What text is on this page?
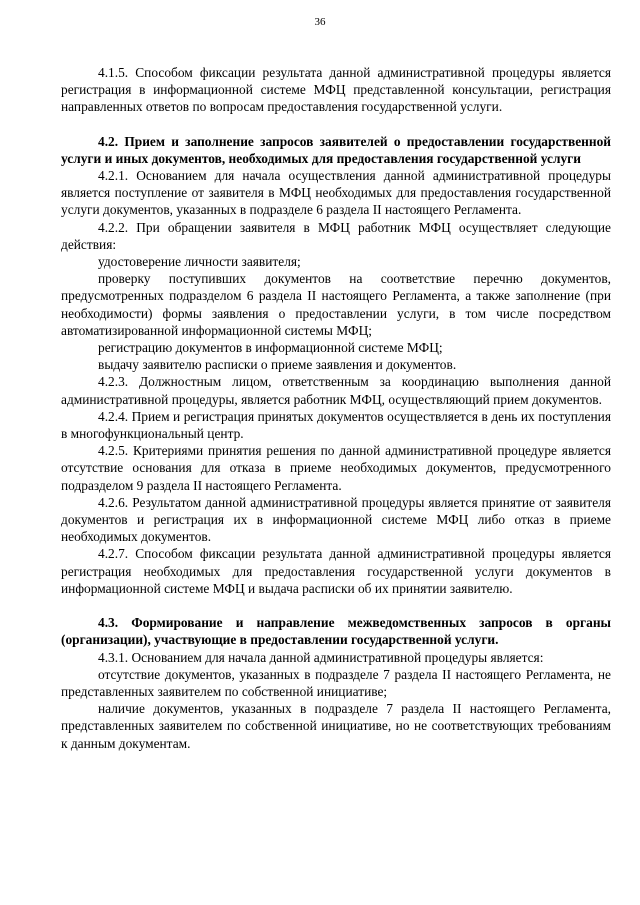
36

4.1.5. Способом фиксации результата данной административной процедуры является регистрация в информационной системе МФЦ представленной консультации, регистрация направленных ответов по вопросам предоставления государственной услуги.

4.2. Прием и заполнение запросов заявителей о предоставлении государственной услуги и иных документов, необходимых для предоставления государственной услуги

4.2.1. Основанием для начала осуществления данной административной процедуры является поступление от заявителя в МФЦ необходимых для предоставления государственной услуги документов, указанных в подразделе 6 раздела II настоящего Регламента.

4.2.2. При обращении заявителя в МФЦ работник МФЦ осуществляет следующие действия:

удостоверение личности заявителя;

проверку поступивших документов на соответствие перечню документов, предусмотренных подразделом 6 раздела II настоящего Регламента, а также заполнение (при необходимости) формы заявления о предоставлении услуги, в том числе посредством автоматизированной информационной системы МФЦ;

регистрацию документов в информационной системе МФЦ;

выдачу заявителю расписки о приеме заявления и документов.

4.2.3. Должностным лицом, ответственным за координацию выполнения данной административной процедуры, является работник МФЦ, осуществляющий прием документов.

4.2.4. Прием и регистрация принятых документов осуществляется в день их поступления в многофункциональный центр.

4.2.5. Критериями принятия решения по данной административной процедуре является отсутствие основания для отказа в приеме необходимых документов, предусмотренного подразделом 9 раздела II настоящего Регламента.

4.2.6. Результатом данной административной процедуры является принятие от заявителя документов и регистрация их в информационной системе МФЦ либо отказ в приеме необходимых документов.

4.2.7. Способом фиксации результата данной административной процедуры является регистрация необходимых для предоставления государственной услуги документов в информационной системе МФЦ и выдача расписки об их принятии заявителю.

4.3. Формирование и направление межведомственных запросов в органы (организации), участвующие в предоставлении государственной услуги.

4.3.1. Основанием для начала данной административной процедуры является:

отсутствие документов, указанных в подразделе 7 раздела II настоящего Регламента, не представленных заявителем по собственной инициативе;

наличие документов, указанных в подразделе 7 раздела II настоящего Регламента, представленных заявителем по собственной инициативе, но не соответствующих требованиям к данным документам.
